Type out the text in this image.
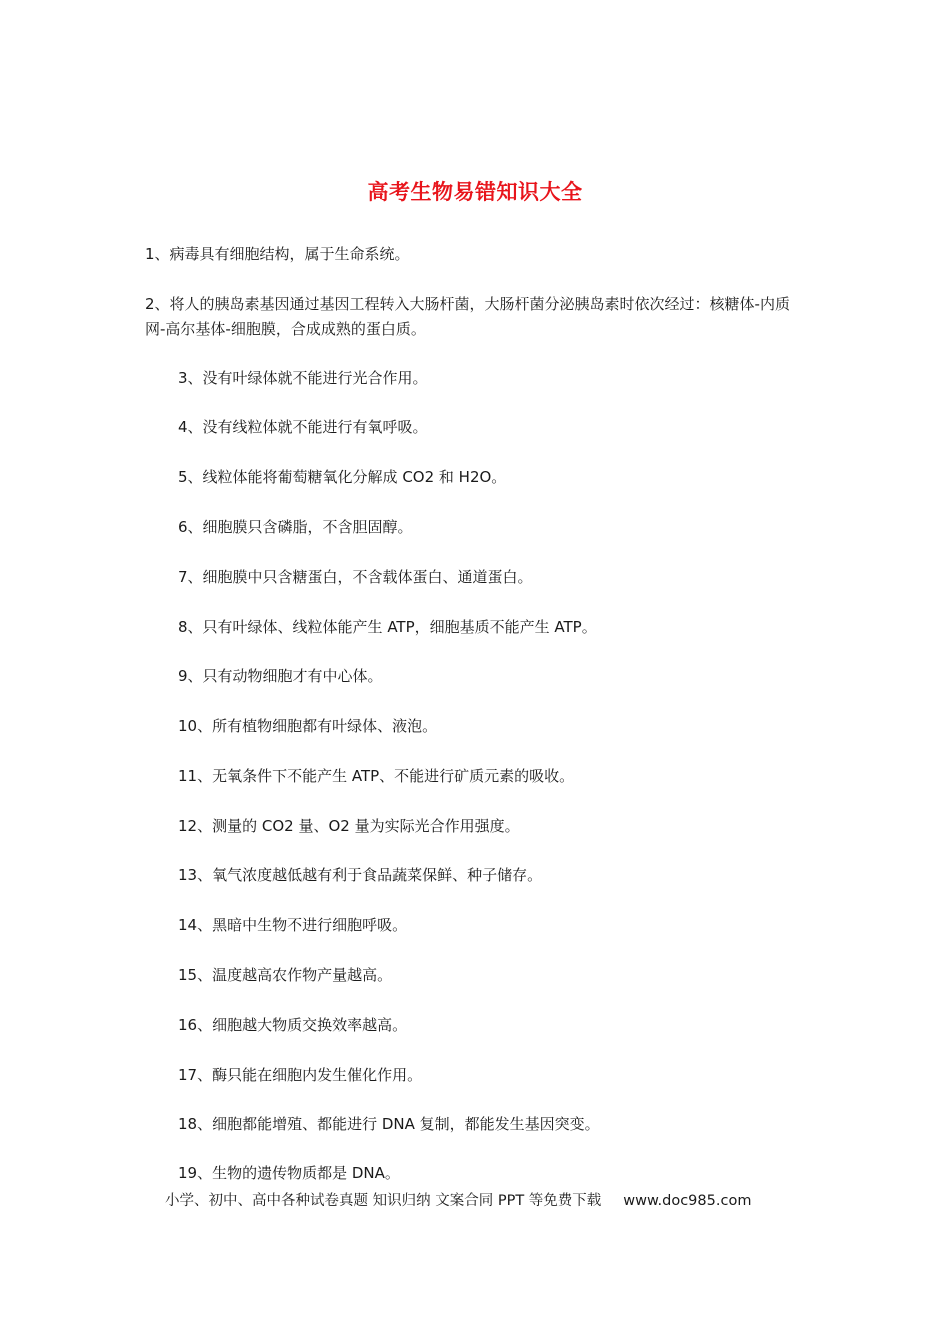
高考生物易错知识大全

1、病毒具有细胞结构，属于生命系统。

2、将人的胰岛素基因通过基因工程转入大肠杆菌，大肠杆菌分泌胰岛素时依次经过：核糖体-内质网-高尔基体-细胞膜，合成成熟的蛋白质。

3、没有叶绿体就不能进行光合作用。

4、没有线粒体就不能进行有氧呼吸。

5、线粒体能将葡萄糖氧化分解成 CO2 和 H2O。

6、细胞膜只含磷脂，不含胆固醇。

7、细胞膜中只含糖蛋白，不含载体蛋白、通道蛋白。

8、只有叶绿体、线粒体能产生 ATP，细胞基质不能产生 ATP。

9、只有动物细胞才有中心体。

10、所有植物细胞都有叶绿体、液泡。

11、无氧条件下不能产生 ATP、不能进行矿质元素的吸收。

12、测量的 CO2 量、O2 量为实际光合作用强度。

13、氧气浓度越低越有利于食品蔬菜保鲜、种子储存。

14、黑暗中生物不进行细胞呼吸。

15、温度越高农作物产量越高。

16、细胞越大物质交换效率越高。

17、酶只能在细胞内发生催化作用。

18、细胞都能增殖、都能进行 DNA 复制，都能发生基因突变。

19、生物的遗传物质都是 DNA。

小学、初中、高中各种试卷真题 知识归纳 文案合同 PPT 等免费下载 www.doc985.com
